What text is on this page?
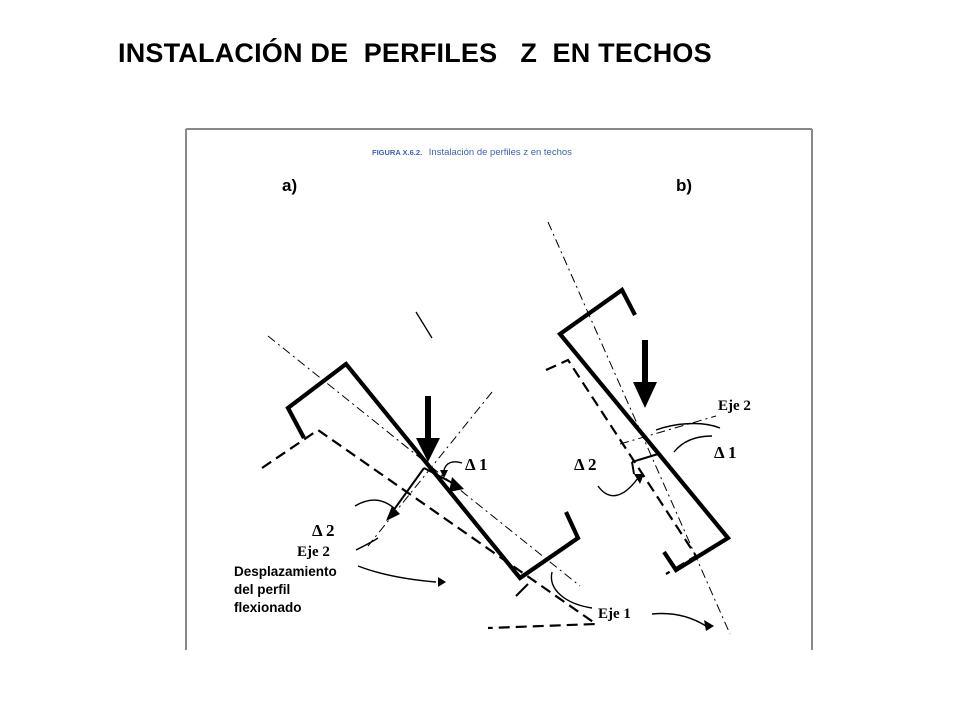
INSTALACIÓN DE  PERFILES   Z  EN TECHOS
FIGURA X.6.2. Instalación de perfiles z en techos
a)
Δ 1
Δ 2
Eje 2
Desplazamiento
del perfil
flexionado
b)
Eje 2
Δ 1
Δ 2
Eje 1
